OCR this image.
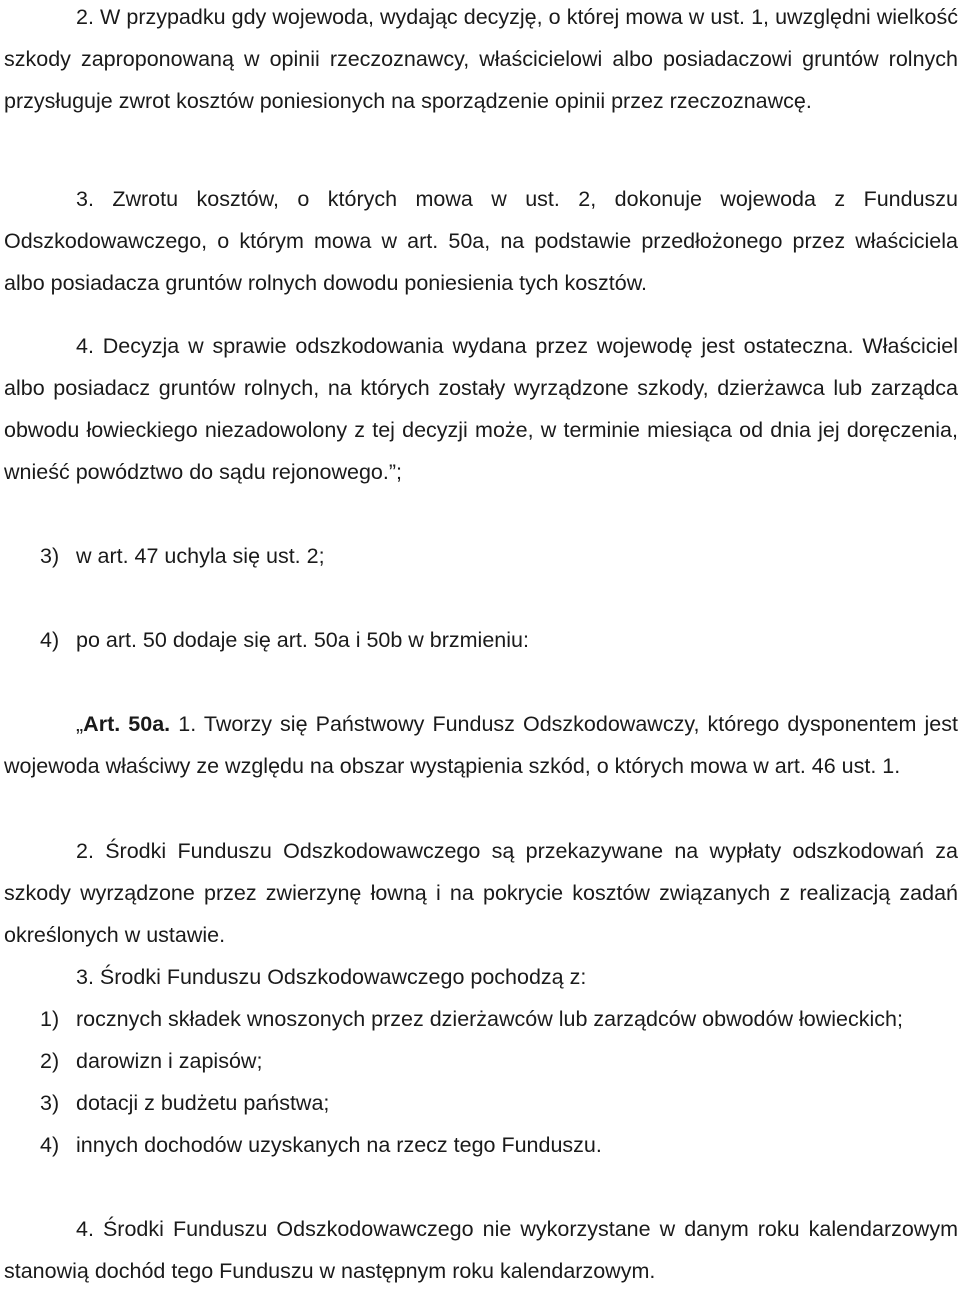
2. W przypadku gdy wojewoda, wydając decyzję, o której mowa w ust. 1, uwzględni wielkość szkody zaproponowaną w opinii rzeczoznawcy, właścicielowi albo posiadaczowi gruntów rolnych przysługuje zwrot kosztów poniesionych na sporządzenie opinii przez rzeczoznawcę.
3. Zwrotu kosztów, o których mowa w ust. 2, dokonuje wojewoda z Funduszu Odszkodowawczego, o którym mowa w art. 50a, na podstawie przedłożonego przez właściciela albo posiadacza gruntów rolnych dowodu poniesienia tych kosztów.
4. Decyzja w sprawie odszkodowania wydana przez wojewodę jest ostateczna. Właściciel albo posiadacz gruntów rolnych, na których zostały wyrządzone szkody, dzierżawca lub zarządca obwodu łowieckiego niezadowolony z tej decyzji może, w terminie miesiąca od dnia jej doręczenia, wnieść powództwo do sądu rejonowego.”;
3) w art. 47 uchyla się ust. 2;
4) po art. 50 dodaje się art. 50a i 50b w brzmieniu:
„Art. 50a. 1. Tworzy się Państwowy Fundusz Odszkodowawczy, którego dysponentem jest wojewoda właściwy ze względu na obszar wystąpienia szkód, o których mowa w art. 46 ust. 1.
2. Środki Funduszu Odszkodowawczego są przekazywane na wypłaty odszkodowań za szkody wyrządzone przez zwierzynę łowną i na pokrycie kosztów związanych z realizacją zadań określonych w ustawie.
3. Środki Funduszu Odszkodowawczego pochodzą z:
1) rocznych składek wnoszonych przez dzierżawców lub zarządców obwodów łowieckich;
2) darowizn i zapisów;
3) dotacji z budżetu państwa;
4) innych dochodów uzyskanych na rzecz tego Funduszu.
4. Środki Funduszu Odszkodowawczego nie wykorzystane w danym roku kalendarzowym stanowią dochód tego Funduszu w następnym roku kalendarzowym.
